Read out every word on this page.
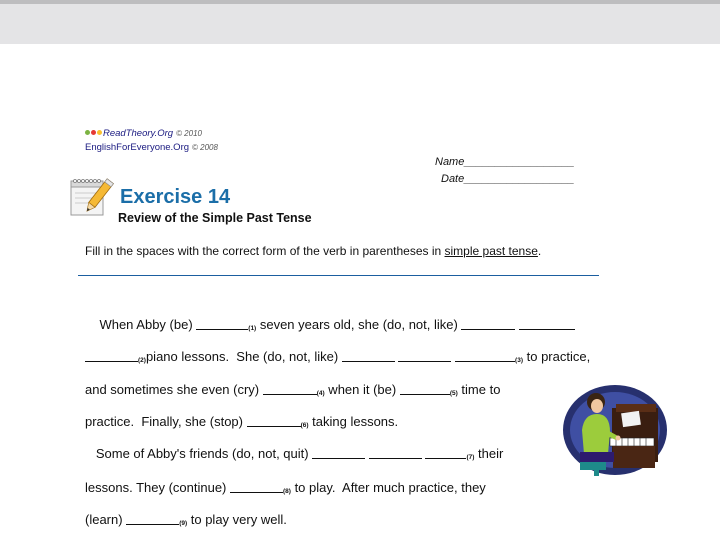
ReadTheory.Org © 2010
EnglishForEveryone.Org © 2008
Name__________________
Date__________________
Exercise 14
Review of the Simple Past Tense
Fill in the spaces with the correct form of the verb in parentheses in simple past tense.
When Abby (be)	(1) seven years old, she (do, not, like)
(2)piano lessons.  She (do, not, like)	(3) to practice,
and sometimes she even (cry)	(4) when it (be)	(5) time to
practice.  Finally, she (stop)	(6) taking lessons.
Some of Abby's friends (do, not, quit)	(7) their
lessons. They (continue)	(8) to play.  After much practice, they
(learn)	(9) to play very well.
